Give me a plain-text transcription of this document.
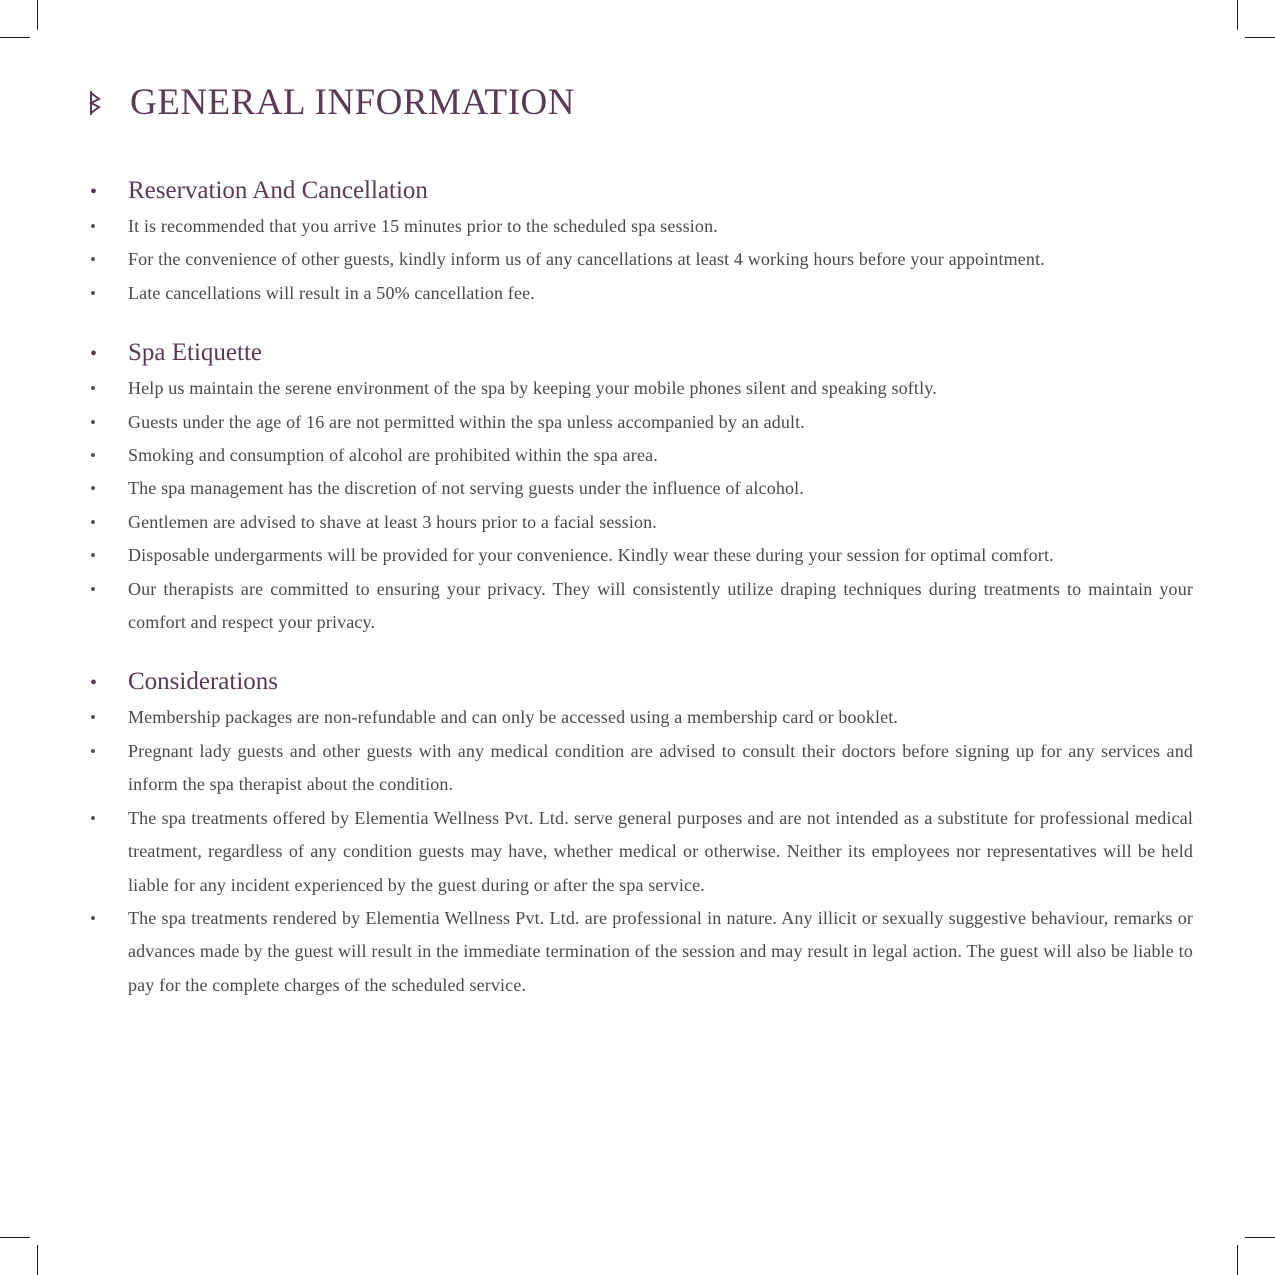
GENERAL INFORMATION
•	Reservation And Cancellation
•	It is recommended that you arrive 15 minutes prior to the scheduled spa session.
•	For the convenience of other guests, kindly inform us of any cancellations at least 4 working hours before your appointment.
•	Late cancellations will result in a 50% cancellation fee.
•	Spa Etiquette
•	Help us maintain the serene environment of the spa by keeping your mobile phones silent and speaking softly.
•	Guests under the age of 16 are not permitted within the spa unless accompanied by an adult.
•	Smoking and consumption of alcohol are prohibited within the spa area.
•	The spa management has the discretion of not serving guests under the influence of alcohol.
•	Gentlemen are advised to shave at least 3 hours prior to a facial session.
•	Disposable undergarments will be provided for your convenience. Kindly wear these during your session for optimal comfort.
•	Our therapists are committed to ensuring your privacy. They will consistently utilize draping techniques during treatments to maintain your comfort and respect your privacy.
•	Considerations
•	Membership packages are non-refundable and can only be accessed using a membership card or booklet.
•	Pregnant lady guests and other guests with any medical condition are advised to consult their doctors before signing up for any services and inform the spa therapist about the condition.
•	The spa treatments offered by Elementia Wellness Pvt. Ltd. serve general purposes and are not intended as a substitute for professional medical treatment, regardless of any condition guests may have, whether medical or otherwise. Neither its employees nor representatives will be held liable for any incident experienced by the guest during or after the spa service.
•	The spa treatments rendered by Elementia Wellness Pvt. Ltd. are professional in nature. Any illicit or sexually suggestive behaviour, remarks or advances made by the guest will result in the immediate termination of the session and may result in legal action. The guest will also be liable to pay for the complete charges of the scheduled service.
